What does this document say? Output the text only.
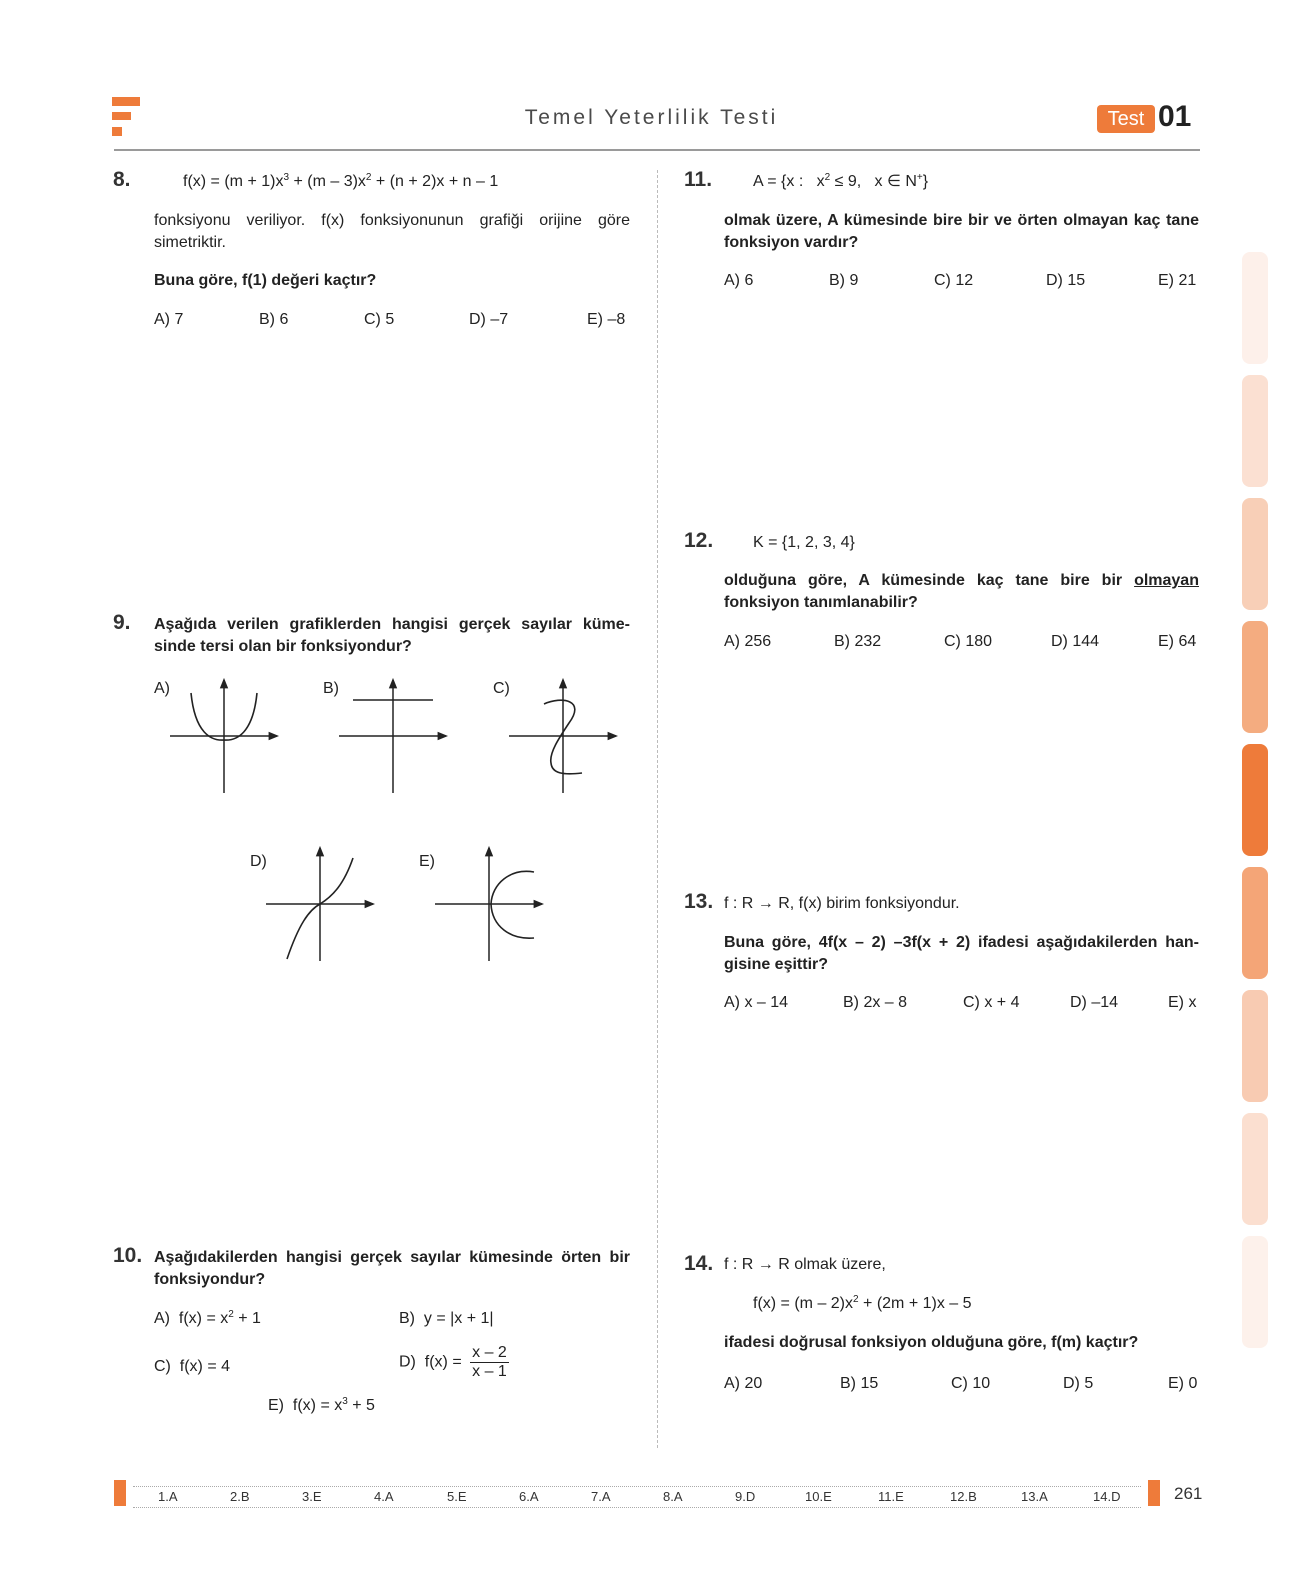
Temel Yeterlilik Testi	Test 01
8.	$f(x) = (m + 1)x^3 + (m - 3)x^2 + (n + 2)x + n - 1$
fonksiyonu veriliyor. f(x) fonksiyonunun grafiği orijine göre simetriktir.
Buna göre, f(1) değeri kaçtır?
A) 7	B) 6	C) 5	D) –7	E) –8
9. Aşağıda verilen grafiklerden hangisi gerçek sayılar küme-sinde tersi olan bir fonksiyondur?
A)	B)	C)
D)	E)
10. Aşağıdakilerden hangisi gerçek sayılar kümesinde örten bir fonksiyondur?
A) $f(x) = x^2 + 1$	B) y = |x + 1|
C) f(x) = 4	D) $f(x) = \frac{x - 2}{x - 1}$
E) $f(x) = x^3 + 5$
11.	A = {x : $x^2 \le 9$, x ∈ N+}
olmak üzere, A kümesinde bire bir ve örten olmayan kaç tane fonksiyon vardır?
A) 6	B) 9	C) 12	D) 15	E) 21
12. K = {1, 2, 3, 4}
olduğuna göre, A kümesinde kaç tane bire bir olmayan fonksiyon tanımlanabilir?
A) 256	B) 232	C) 180	D) 144	E) 64
13. f : R → R, f(x) birim fonksiyondur.
Buna göre, 4f(x – 2) –3f(x + 2) ifadesi aşağıdakilerden han-gisine eşittir?
A) x – 14	B) 2x – 8	C) x + 4	D) –14	E) x
14. f : R → R olmak üzere,
$f(x) = (m - 2)x^2 + (2m + 1)x - 5$
ifadesi doğrusal fonksiyon olduğuna göre, f(m) kaçtır?
A) 20	B) 15	C) 10	D) 5	E) 0
1.A	2.B	3.E	4.A	5.E	6.A	7.A	8.A	9.D	10.E	11.E	12.B	13.A	14.D	261
